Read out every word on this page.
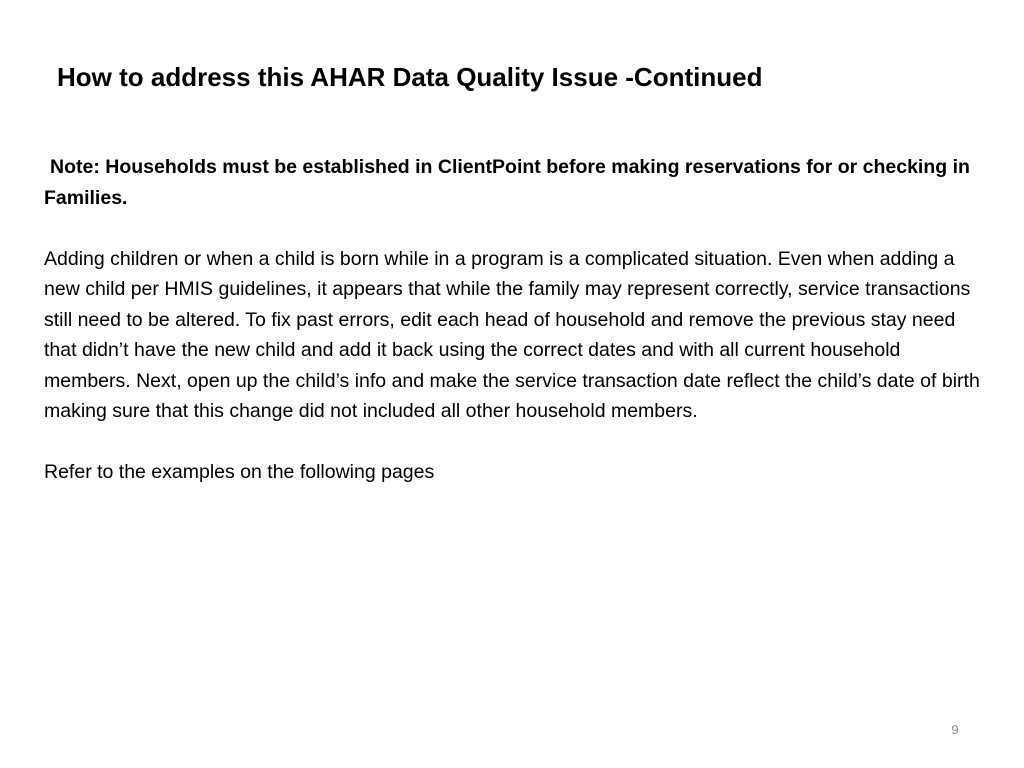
How to address this AHAR Data Quality Issue -Continued

Note: Households must be established in ClientPoint before making reservations for or checking in Families.

Adding children or when a child is born while in a program is a complicated situation. Even when adding a new child per HMIS guidelines, it appears that while the family may represent correctly, service transactions still need to be altered. To fix past errors, edit each head of household and remove the previous stay need that didn’t have the new child and add it back using the correct dates and with all current household members. Next, open up the child’s info and make the service transaction date reflect the child’s date of birth making sure that this change did not included all other household members.

Refer to the examples on the following pages

9
